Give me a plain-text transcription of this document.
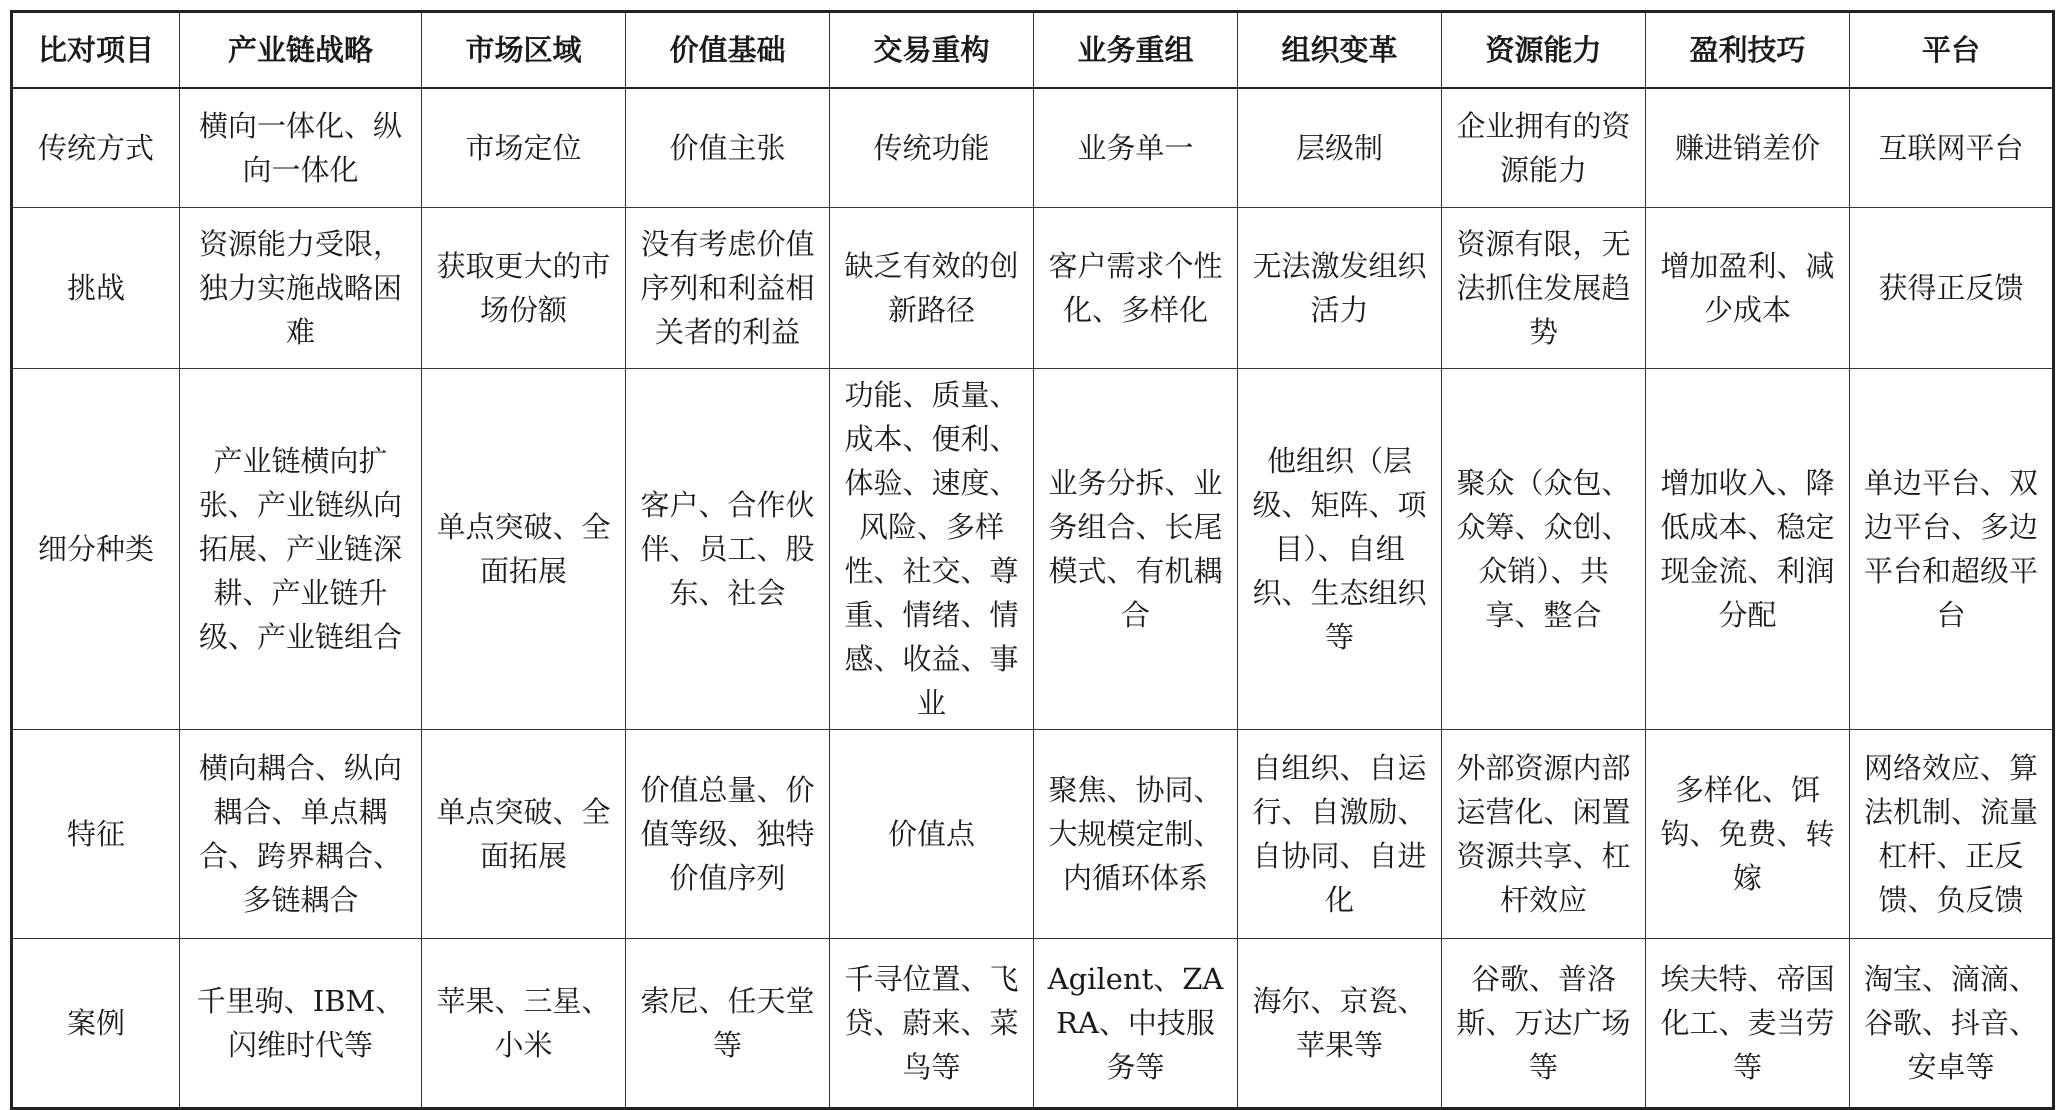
比对项目	产业链战略	市场区域	价值基础	交易重构	业务重组	组织变革	资源能力	盈利技巧	平台
传统方式	横向一体化、纵向一体化	市场定位	价值主张	传统功能	业务单一	层级制	企业拥有的资源能力	赚进销差价	互联网平台
挑战	资源能力受限，独力实施战略困难	获取更大的市场份额	没有考虑价值序列和利益相关者的利益	缺乏有效的创新路径	客户需求个性化、多样化	无法激发组织活力	资源有限，无法抓住发展趋势	增加盈利、减少成本	获得正反馈
细分种类	产业链横向扩张、产业链纵向拓展、产业链深耕、产业链升级、产业链组合	单点突破、全面拓展	客户、合作伙伴、员工、股东、社会	功能、质量、成本、便利、体验、速度、风险、多样性、社交、尊重、情绪、情感、收益、事业	业务分拆、业务组合、长尾模式、有机耦合	他组织（层级、矩阵、项目）、自组织、生态组织等	聚众（众包、众筹、众创、众销）、共享、整合	增加收入、降低成本、稳定现金流、利润分配	单边平台、双边平台、多边平台和超级平台
特征	横向耦合、纵向耦合、单点耦合、跨界耦合、多链耦合	单点突破、全面拓展	价值总量、价值等级、独特价值序列	价值点	聚焦、协同、大规模定制、内循环体系	自组织、自运行、自激励、自协同、自进化	外部资源内部运营化、闲置资源共享、杠杆效应	多样化、饵钩、免费、转嫁	网络效应、算法机制、流量杠杆、正反馈、负反馈
案例	千里驹、IBM、闪维时代等	苹果、三星、小米	索尼、任天堂等	千寻位置、飞贷、蔚来、菜鸟等	Agilent、ZARA、中技服务等	海尔、京瓷、苹果等	谷歌、普洛斯、万达广场等	埃夫特、帝国化工、麦当劳等	淘宝、滴滴、谷歌、抖音、安卓等
